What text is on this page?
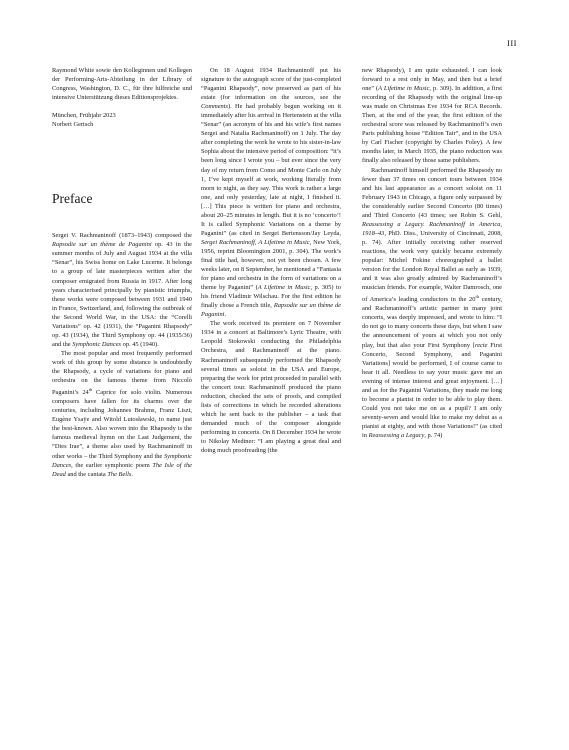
III

Raymond White sowie den Kolleginnen und Kollegen der Performing-Arts-Abteilung in der Library of Congress, Washington, D. C., für ihre hilfreiche und intensive Unterstützung dieses Editionsprojektes.

München, Frühjahr 2023

Norbert Gertsch

Preface

Sergei V. Rachmaninoff (1873–1943) composed the Rapsodie sur un thème de Paganini op. 43 in the summer months of July and August 1934 at the villa “Senar”, his Swiss home on Lake Lucerne. It belongs to a group of late masterpieces written after the composer emigrated from Russia in 1917. After long years characterised principally by pianistic triumphs, these works were composed between 1931 and 1940 in France, Switzerland, and, following the outbreak of the Second World War, in the USA: the “Corelli Variations” op. 42 (1931), the “Paganini Rhapsody” op. 43 (1934), the Third Symphony op. 44 (1935/36) and the Symphonic Dances op. 45 (1940).

The most popular and most frequently performed work of this group by some distance is undoubtedly the Rhapsody, a cycle of variations for piano and orchestra on the famous theme from Niccolò Paganini’s 24th Caprice for solo violin. Numerous composers have fallen for its charms over the centuries, including Johannes Brahms, Franz Liszt, Eugène Ysaÿe and Witold Lutosławski, to name just the best-known. Also woven into the Rhapsody is the famous medieval hymn on the Last Judgement, the “Dies Irae”, a theme also used by Rachmaninoff in other works – the Third Symphony and the Symphonic Dances, the earlier symphonic poem The Isle of the Dead and the cantata The Bells.

On 18 August 1934 Rachmaninoff put his signature to the autograph score of the just-completed “Paganini Rhapsody”, now preserved as part of his estate (for information on the sources, see the Comments). He had probably begun working on it immediately after his arrival in Hertenstein at the villa “Senar” (an acronym of his and his wife’s first names Sergei and Natalia Rachmaninoff) on 1 July. The day after completing the work he wrote to his sister-in-law Sophia about the intensive period of composition: “it’s been long since I wrote you – but ever since the very day of my return from Como and Monte Carlo on July 1, I’ve kept myself at work, working literally from morn to night, as they say. This work is rather a large one, and only yesterday, late at night, I finished it. […] This piece is written for piano and orchestra, about 20–25 minutes in length. But it is no ‘concerto’! It is called Symphonic Variations on a theme by Paganini” (as cited in Sergei Bertensson/Jay Leyda, Sergei Rachmaninoff, A Lifetime in Music, New York, 1956, reprint Bloomington 2001, p. 304). The work’s final title had, however, not yet been chosen. A few weeks later, on 8 September, he mentioned a “Fantasia for piano and orchestra in the form of variations on a theme by Paganini” (A Lifetime in Music, p. 305) to his friend Vladimir Wilschau. For the first edition he finally chose a French title, Rapsodie sur un thème de Paganini.

The work received its premiere on 7 November 1934 in a concert at Baltimore’s Lyric Theatre, with Leopold Stokowski conducting the Philadelphia Orchestra, and Rachmaninoff at the piano. Rachmaninoff subsequently performed the Rhapsody several times as soloist in the USA and Europe, preparing the work for print proceeded in parallel with the concert tour. Rachmaninoff produced the piano reduction, checked the sets of proofs, and compiled lists of corrections in which he recorded alterations which he sent back to the publisher – a task that demanded much of the composer alongside performing in concerts. On 8 December 1934 he wrote to Nikolay Medtner: “I am playing a great deal and doing much proofreading (the

new Rhapsody), I am quite exhausted. I can look forward to a rest only in May, and then but a brief one” (A Lifetime in Music, p. 309). In addition, a first recording of the Rhapsody with the original line-up was made on Christmas Eve 1934 for RCA Records. Then, at the end of the year, the first edition of the orchestral score was released by Rachmaninoff’s own Paris publishing house “Edition Tair”, and in the USA by Carl Fischer (copyright by Charles Foley). A few months later, in March 1935, the piano reduction was finally also released by those same publishers.

Rachmaninoff himself performed the Rhapsody no fewer than 37 times on concert tours between 1934 and his last appearance as a concert soloist on 11 February 1943 in Chicago, a figure only surpassed by the considerably earlier Second Concerto (80 times) and Third Concerto (43 times; see Robin S. Gehl, Reassessing a Legacy. Rachmaninoff in America, 1918–43, PhD. Diss., University of Cincinnati, 2008, p. 74). After initially receiving rather reserved reactions, the work very quickly became extremely popular: Michel Fokine choreographed a ballet version for the London Royal Ballet as early as 1939, and it was also greatly admired by Rachmaninoff’s musician friends. For example, Walter Damrosch, one of America’s leading conductors in the 20th century, and Rachmaninoff’s artistic partner in many joint concerts, was deeply impressed, and wrote to him: “I do not go to many concerts these days, but when I saw the announcement of yours at which you not only play, but that also your First Symphony [recte First Concerto, Second Symphony, and Paganini Variations] would be performed, I of course came to hear it all. Needless to say your music gave me an evening of intense interest and great enjoyment. […] and as for the Paganini Variations, they made me long to become a pianist in order to be able to play them. Could you not take me on as a pupil? I am only seventy-seven and would like to make my debut as a pianist at eighty, and with those Variations!” (as cited in Reassessing a Legacy, p. 74)
